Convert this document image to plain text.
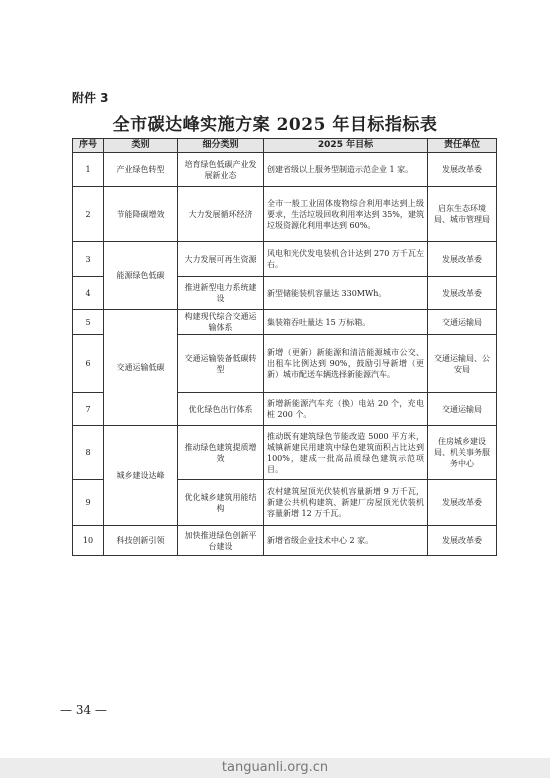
附件 3
全市碳达峰实施方案 2025 年目标指标表
序号	类别	细分类别	2025 年目标	责任单位
1	产业绿色转型	培育绿色低碳产业发展新业态	创建省级以上服务型制造示范企业 1 家。	发展改革委
2	节能降碳增效	大力发展循环经济	全市一般工业固体废物综合利用率达到上级要求，生活垃圾回收利用率达到 35%，建筑垃圾资源化利用率达到 60%。	启东生态环境局、城市管理局
3	能源绿色低碳	大力发展可再生资源	风电和光伏发电装机合计达到 270 万千瓦左右。	发展改革委
4		推进新型电力系统建设	新型储能装机容量达 330MWh。	发展改革委
5	交通运输低碳	构建现代综合交通运输体系	集装箱吞吐量达 15 万标箱。	交通运输局
6		交通运输装备低碳转型	新增（更新）新能源和清洁能源城市公交、出租车比例达到 90%，鼓励引导新增（更新）城市配送车辆选择新能源汽车。	交通运输局、公安局
7		优化绿色出行体系	新增新能源汽车充（换）电站 20 个，充电桩 200 个。	交通运输局
8	城乡建设达峰	推动绿色建筑提质增效	推动既有建筑绿色节能改造 5000 平方米，城镇新建民用建筑中绿色建筑面积占比达到 100%，建成一批高品质绿色建筑示范项目。	住房城乡建设局、机关事务服务中心
9		优化城乡建筑用能结构	农村建筑屋顶光伏装机容量新增 9 万千瓦，新建公共机构建筑、新建厂房屋顶光伏装机容量新增 12 万千瓦。	发展改革委
10	科技创新引领	加快推进绿色创新平台建设	新增省级企业技术中心 2 家。	发展改革委
— 34 —
tanguanli.org.cn
